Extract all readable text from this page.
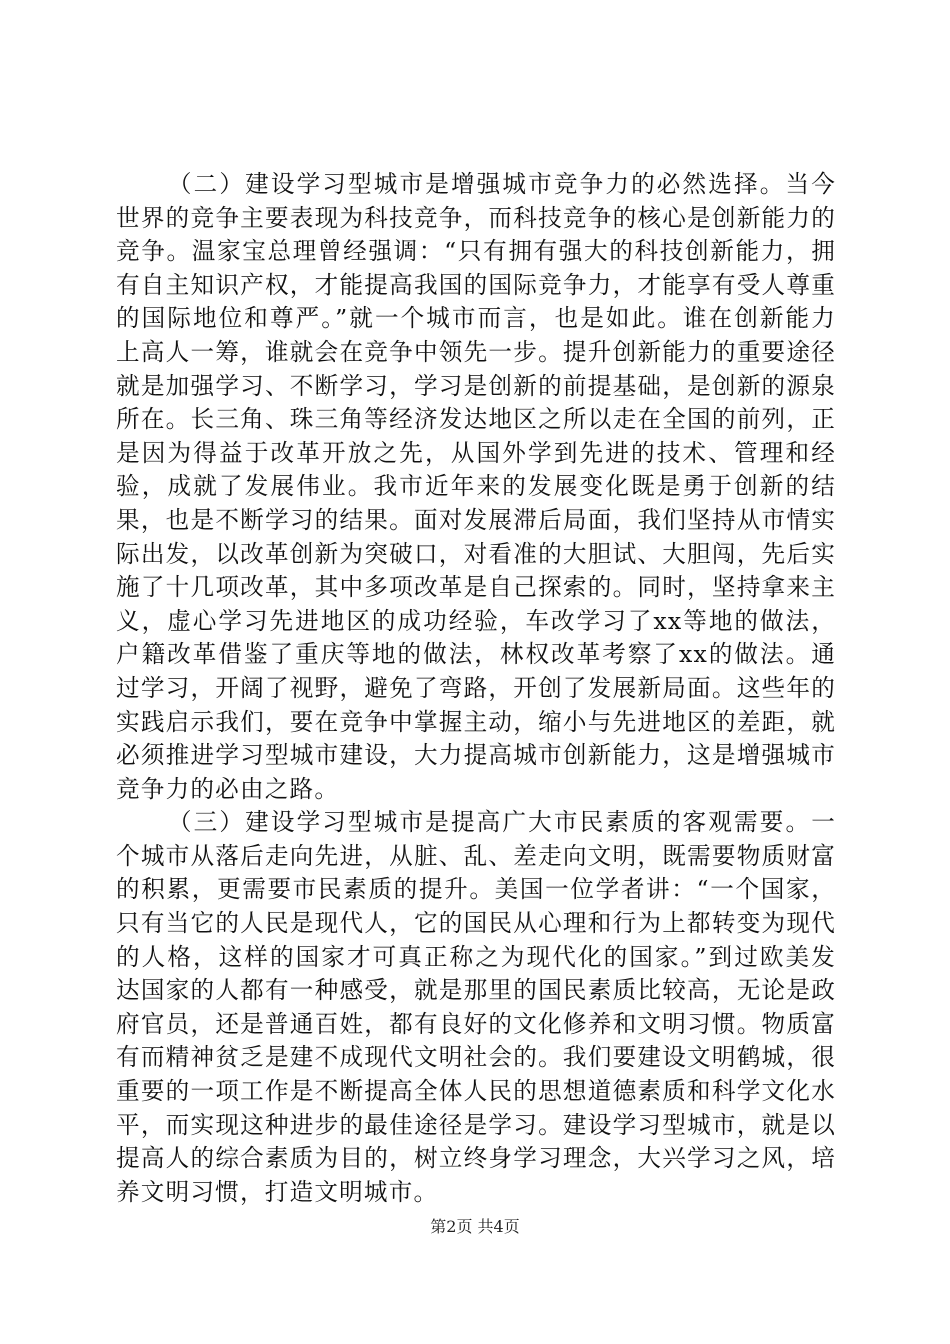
（二）建设学习型城市是增强城市竞争力的必然选择。当今世界的竞争主要表现为科技竞争，而科技竞争的核心是创新能力的竞争。温家宝总理曾经强调：“只有拥有强大的科技创新能力，拥有自主知识产权，才能提高我国的国际竞争力，才能享有受人尊重的国际地位和尊严。”就一个城市而言，也是如此。谁在创新能力上高人一筹，谁就会在竞争中领先一步。提升创新能力的重要途径就是加强学习、不断学习，学习是创新的前提基础，是创新的源泉所在。长三角、珠三角等经济发达地区之所以走在全国的前列，正是因为得益于改革开放之先，从国外学到先进的技术、管理和经验，成就了发展伟业。我市近年来的发展变化既是勇于创新的结果，也是不断学习的结果。面对发展滞后局面，我们坚持从市情实际出发，以改革创新为突破口，对看准的大胆试、大胆闯，先后实施了十几项改革，其中多项改革是自己探索的。同时，坚持拿来主义，虚心学习先进地区的成功经验，车改学习了xx等地的做法，户籍改革借鉴了重庆等地的做法，林权改革考察了xx的做法。通过学习，开阔了视野，避免了弯路，开创了发展新局面。这些年的实践启示我们，要在竞争中掌握主动，缩小与先进地区的差距，就必须推进学习型城市建设，大力提高城市创新能力，这是增强城市竞争力的必由之路。

（三）建设学习型城市是提高广大市民素质的客观需要。一个城市从落后走向先进，从脏、乱、差走向文明，既需要物质财富的积累，更需要市民素质的提升。美国一位学者讲：“一个国家，只有当它的人民是现代人，它的国民从心理和行为上都转变为现代的人格，这样的国家才可真正称之为现代化的国家。”到过欧美发达国家的人都有一种感受，就是那里的国民素质比较高，无论是政府官员，还是普通百姓，都有良好的文化修养和文明习惯。物质富有而精神贫乏是建不成现代文明社会的。我们要建设文明鹤城，很重要的一项工作是不断提高全体人民的思想道德素质和科学文化水平，而实现这种进步的最佳途径是学习。建设学习型城市，就是以提高人的综合素质为目的，树立终身学习理念，大兴学习之风，培养文明习惯，打造文明城市。

第2页 共4页
